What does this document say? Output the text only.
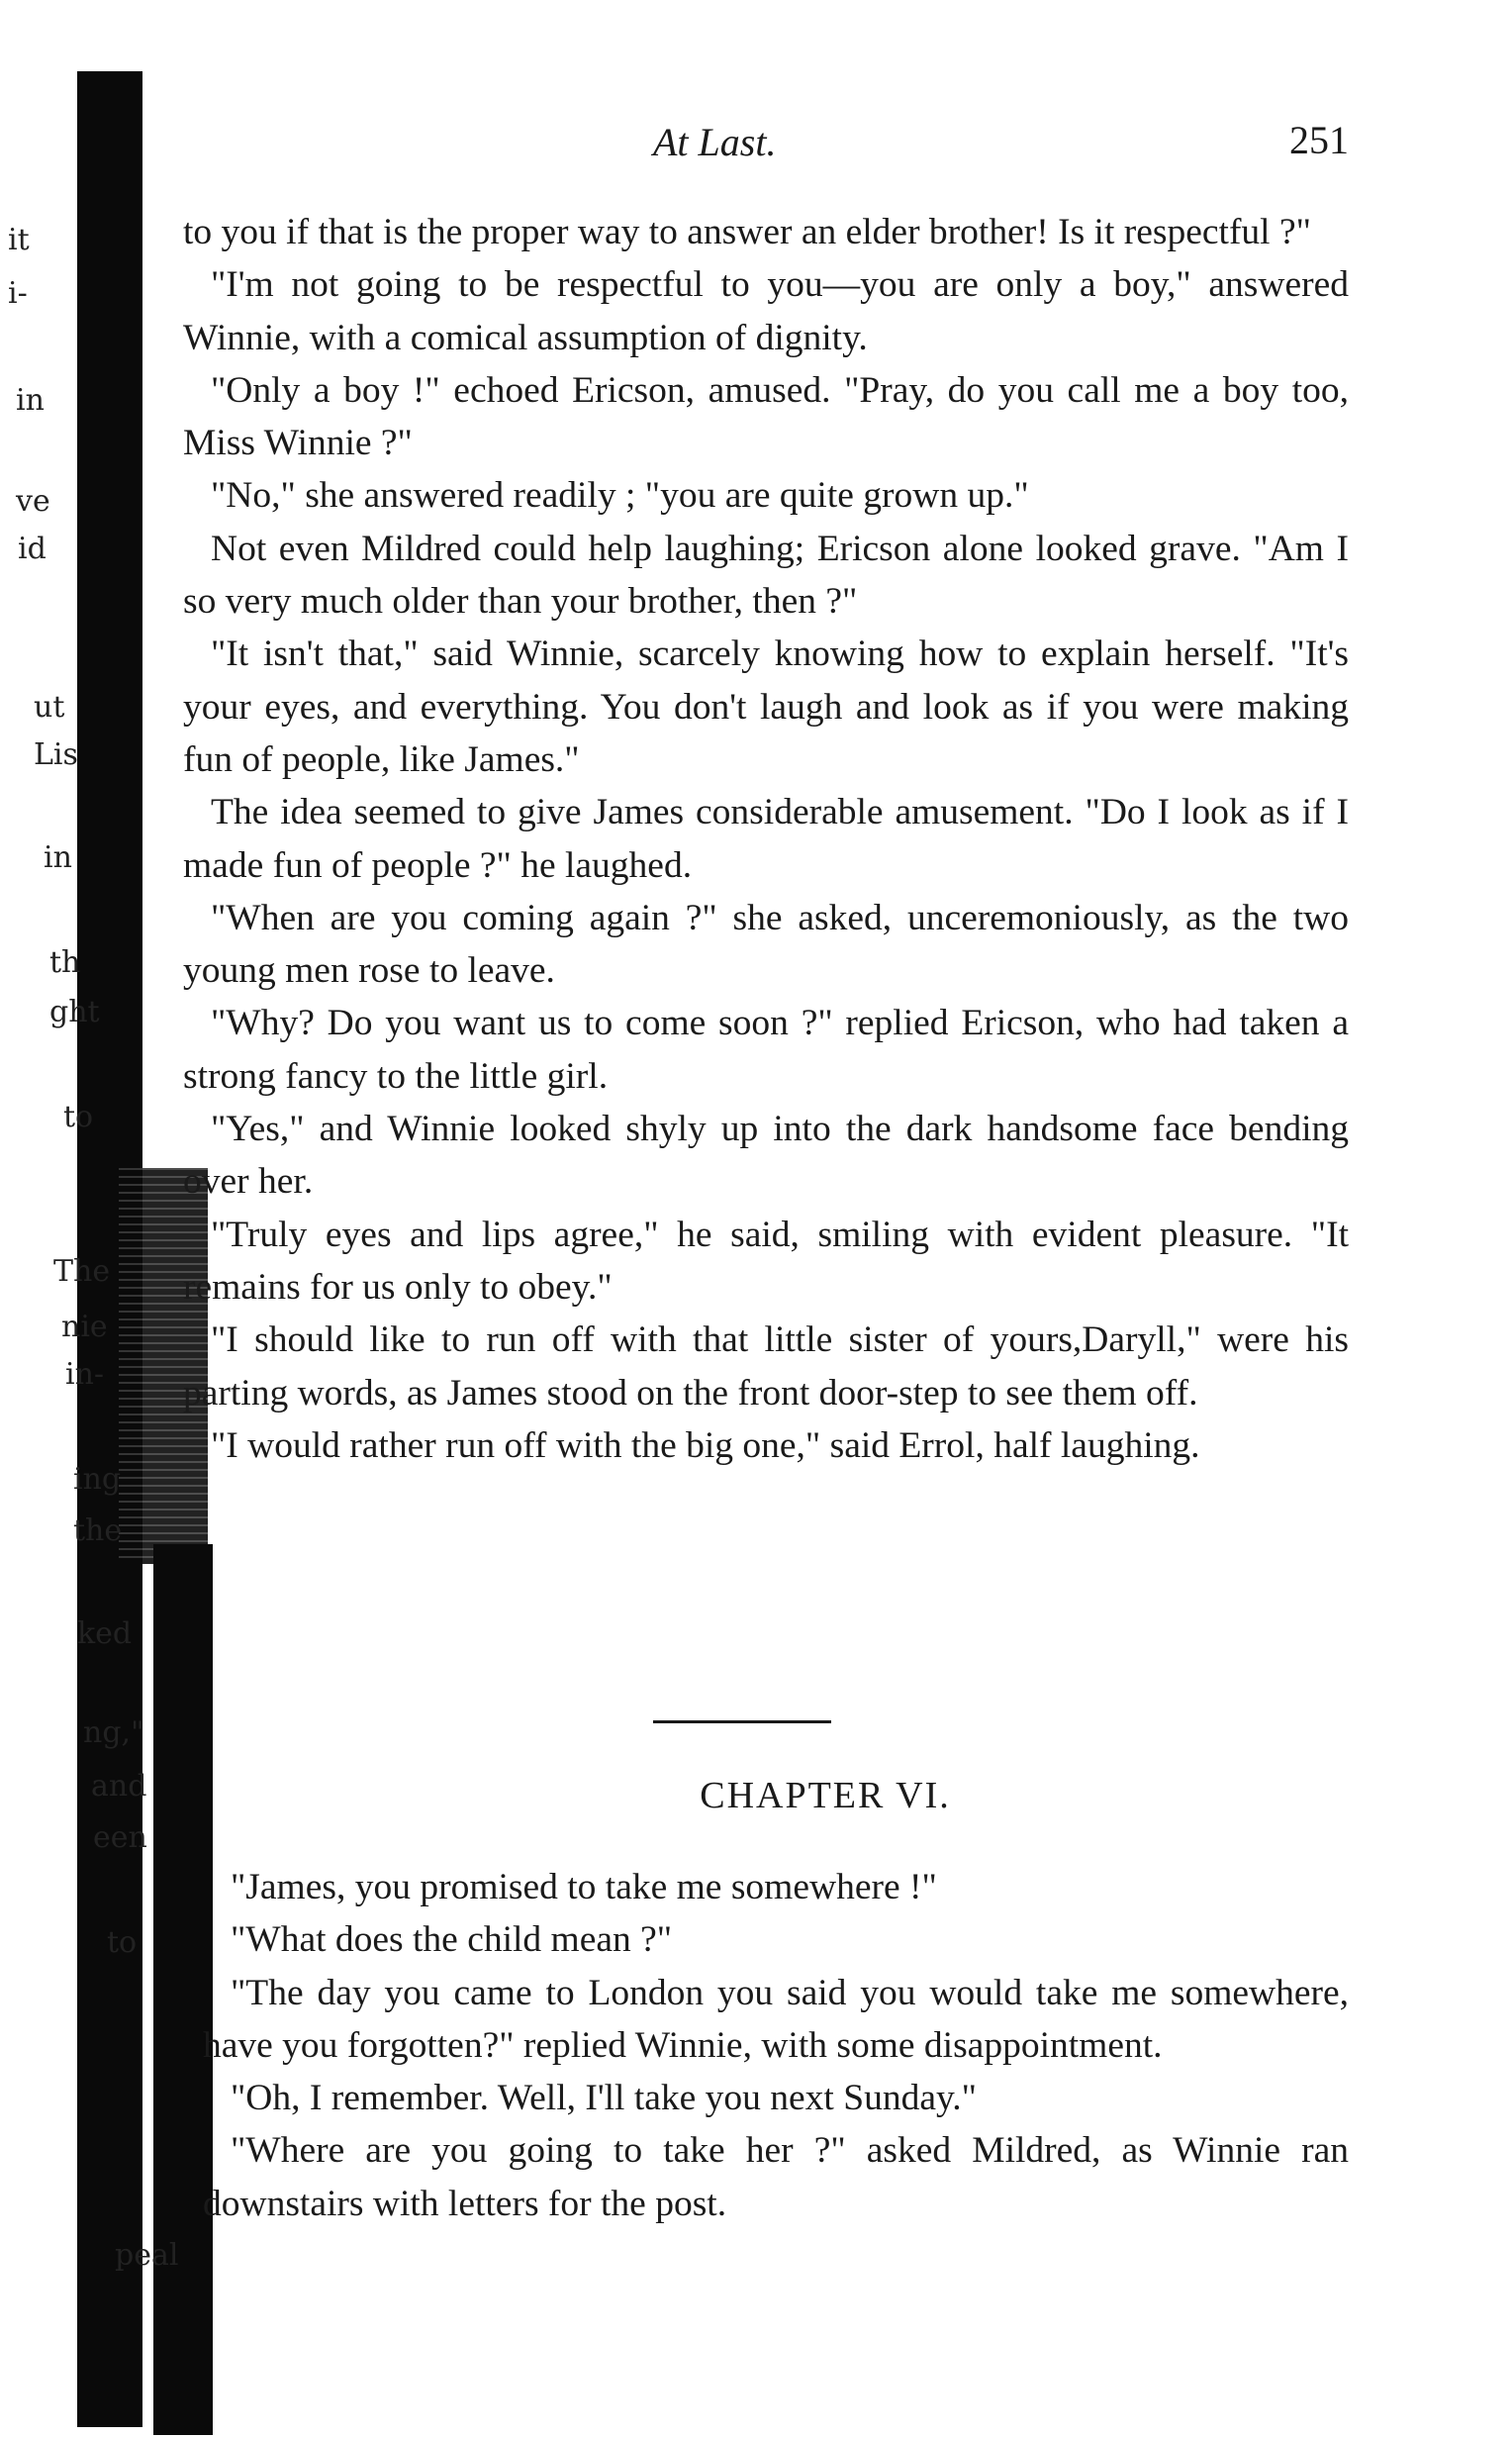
it
i-
in
ve
id
ut
Lis
in
th
ght
to
The
nie
in-
ing
the
ked
ng,"
and
een
to
peal
At Last.	251

to you if that is the proper way to answer an elder brother! Is it respectful ?"

"I'm not going to be respectful to you—you are only a boy," answered Winnie, with a comical assumption of dignity.

"Only a boy !" echoed Ericson, amused. "Pray, do you call me a boy too, Miss Winnie ?"

"No," she answered readily ; "you are quite grown up."

Not even Mildred could help laughing; Ericson alone looked grave. "Am I so very much older than your brother, then ?"

"It isn't that," said Winnie, scarcely knowing how to explain herself. "It's your eyes, and everything. You don't laugh and look as if you were making fun of people, like James."

The idea seemed to give James considerable amusement. "Do I look as if I made fun of people ?" he laughed.

"When are you coming again ?" she asked, unceremoniously, as the two young men rose to leave.

"Why? Do you want us to come soon ?" replied Ericson, who had taken a strong fancy to the little girl.

"Yes," and Winnie looked shyly up into the dark handsome face bending over her.

"Truly eyes and lips agree," he said, smiling with evident pleasure. "It remains for us only to obey."

"I should like to run off with that little sister of yours,Daryll," were his parting words, as James stood on the front door-step to see them off.

"I would rather run off with the big one," said Errol, half laughing.

CHAPTER VI.

"James, you promised to take me somewhere !"

"What does the child mean ?"

"The day you came to London you said you would take me somewhere, have you forgotten?" replied Winnie, with some disappointment.

"Oh, I remember. Well, I'll take you next Sunday."

"Where are you going to take her ?" asked Mildred, as Winnie ran downstairs with letters for the post.
